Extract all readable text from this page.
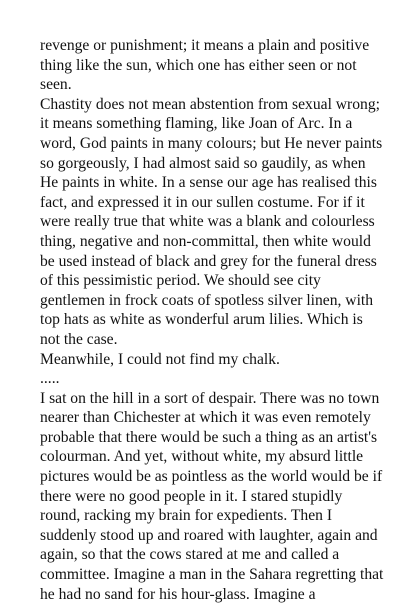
revenge or punishment; it means a plain and positive thing like the sun, which one has either seen or not seen.

Chastity does not mean abstention from sexual wrong; it means something flaming, like Joan of Arc. In a word, God paints in many colours; but He never paints so gorgeously, I had almost said so gaudily, as when He paints in white. In a sense our age has realised this fact, and expressed it in our sullen costume. For if it were really true that white was a blank and colourless thing, negative and non-committal, then white would be used instead of black and grey for the funeral dress of this pessimistic period. We should see city gentlemen in frock coats of spotless silver linen, with top hats as white as wonderful arum lilies. Which is not the case.

Meanwhile, I could not find my chalk.

.....

I sat on the hill in a sort of despair. There was no town nearer than Chichester at which it was even remotely probable that there would be such a thing as an artist's colourman. And yet, without white, my absurd little pictures would be as pointless as the world would be if there were no good people in it. I stared stupidly round, racking my brain for expedients. Then I suddenly stood up and roared with laughter, again and again, so that the cows stared at me and called a committee. Imagine a man in the Sahara regretting that he had no sand for his hour-glass. Imagine a
